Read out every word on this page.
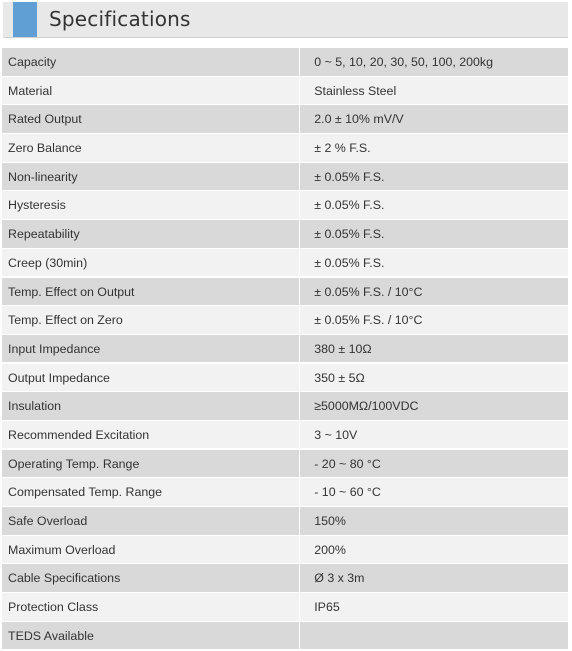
Specifications
Capacity	0 ~ 5, 10, 20, 30, 50, 100, 200kg
Material	Stainless Steel
Rated Output	2.0 ± 10% mV/V
Zero Balance	± 2 % F.S.
Non-linearity	± 0.05% F.S.
Hysteresis	± 0.05% F.S.
Repeatability	± 0.05% F.S.
Creep (30min)	± 0.05% F.S.
Temp. Effect on Output	± 0.05% F.S. / 10°C
Temp. Effect on Zero	± 0.05% F.S. / 10°C
Input Impedance	380 ± 10Ω
Output Impedance	350 ± 5Ω
Insulation	≥5000MΩ/100VDC
Recommended Excitation	3 ~ 10V
Operating Temp. Range	- 20 ~ 80 °C
Compensated Temp. Range	- 10 ~ 60 °C
Safe Overload	150%
Maximum Overload	200%
Cable Specifications	Ø 3 x 3m
Protection Class	IP65
TEDS Available
